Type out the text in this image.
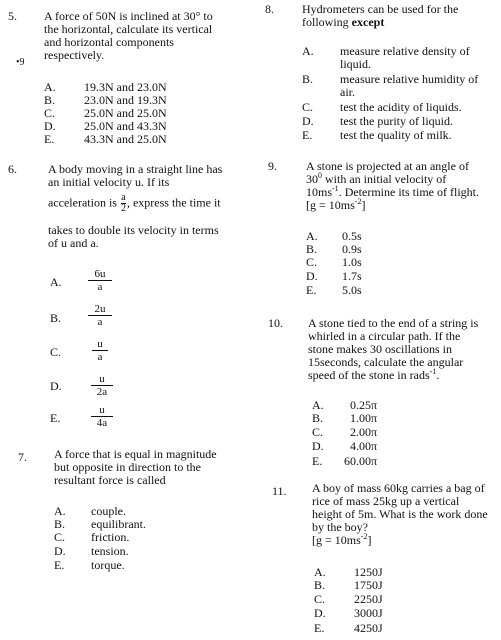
5.
•9
A force of 50N is inclined at 30° to
the horizontal, calculate its vertical
and horizontal components
respectively.
A. 19.3N and 23.0N
B. 23.0N and 19.3N
C. 25.0N and 25.0N
D. 25.0N and 43.3N
E. 43.3N and 25.0N
6.	A body moving in a straight line has
an initial velocity u. If its
acceleration is $\frac{a}{2}$ , express the time it
takes to double its velocity in terms
of u and a.
A.
6u
a
B.
2u
a
C.
u
a
D.	u
2a
E.
u
4a
7. A force that is equal in magnitude
but opposite in direction to the
resultant force is called
A. couple.
B. equilibrant.
C. friction.
D. tension.
E. torque.
8. Hydrometers can be used for the
following except
A. measure relative density of
liquid.
B. measure relative humidity of
air.
C. test the acidity of liquids.
D. test the purity of liquid.
E. test the quality of milk.
9. A stone is projected at an angle of
$30^0$ with an initial velocity of
$10ms^{-1}$. Determine its time of flight.
$[g = 10ms^{-2}]$
A. 0.5s
B. 0.9s
C. 1.0s
D. 1.7s
E. 5.0s
10. A stone tied to the end of a string is
whirled in a circular path. If the
stone makes 30 oscillations in
15seconds, calculate the angular
speed of the stone in rads$^{-1}$.
A. 0.25π
B. 1.00π
C. 2.00π
D. 4.00π
E. 60.00π
11. A boy of mass 60kg carries a bag of
rice of mass 25kg up a vertical
height of 5m. What is the work done
by the boy?
$[g = 10ms^{-2}]$
A. 1250J
B. 1750J
C. 2250J
D. 3000J
E. 4250J
